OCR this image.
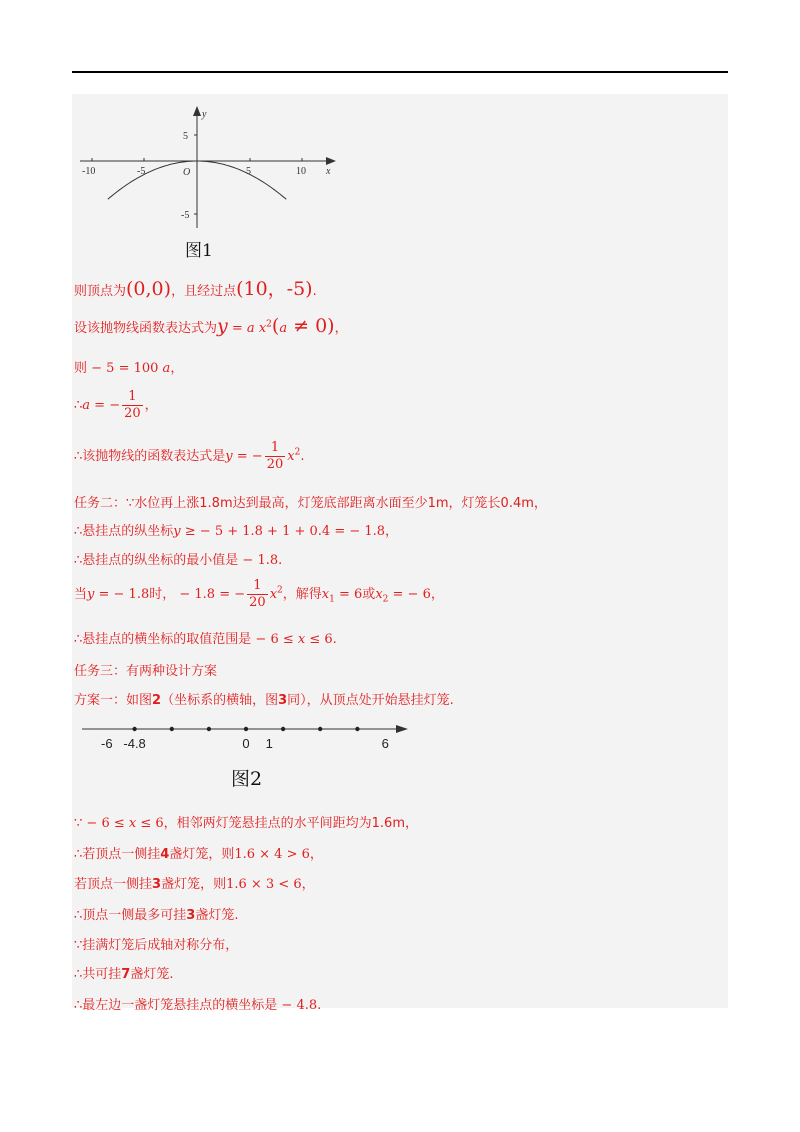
y
x
O
5
-5
-10	-5	5	10
图1
则顶点为(0,0)，且经过点(10，-5).
设该抛物线函数表达式为y = a $x^2(a \ne 0)$，
则 − 5 = 100 a，
∴a = − $\frac{1}{20}$ ，
∴该抛物线的函数表达式是y = − $\frac{1}{20} x^2$.
任务二：∵水位再上涨1.8m达到最高，灯笼底部距离水面至少1m，灯笼长0.4m，
∴悬挂点的纵坐标y ≥ − 5 + 1.8 + 1 + 0.4 = − 1.8，
∴悬挂点的纵坐标的最小值是 − 1.8.
当y = − 1.8时， − 1.8 = − $\frac{1}{20} x^2$，解得$x_1 = 6$或$x_2$ = − 6，
∴悬挂点的横坐标的取值范围是 − 6 ≤ x ≤ 6.
任务三：有两种设计方案
方案一：如图2（坐标系的横轴，图3同），从顶点处开始悬挂灯笼.
-6 -4.8	0 1	6
图2
∵ − 6 ≤ x ≤ 6，相邻两灯笼悬挂点的水平间距均为1.6m，
∴若顶点一侧挂4盏灯笼，则1.6 × 4 > 6，
若顶点一侧挂3盏灯笼，则1.6 × 3 < 6，
∴顶点一侧最多可挂3盏灯笼.
∵挂满灯笼后成轴对称分布，
∴共可挂7盏灯笼.
∴最左边一盏灯笼悬挂点的横坐标是 − 4.8.
